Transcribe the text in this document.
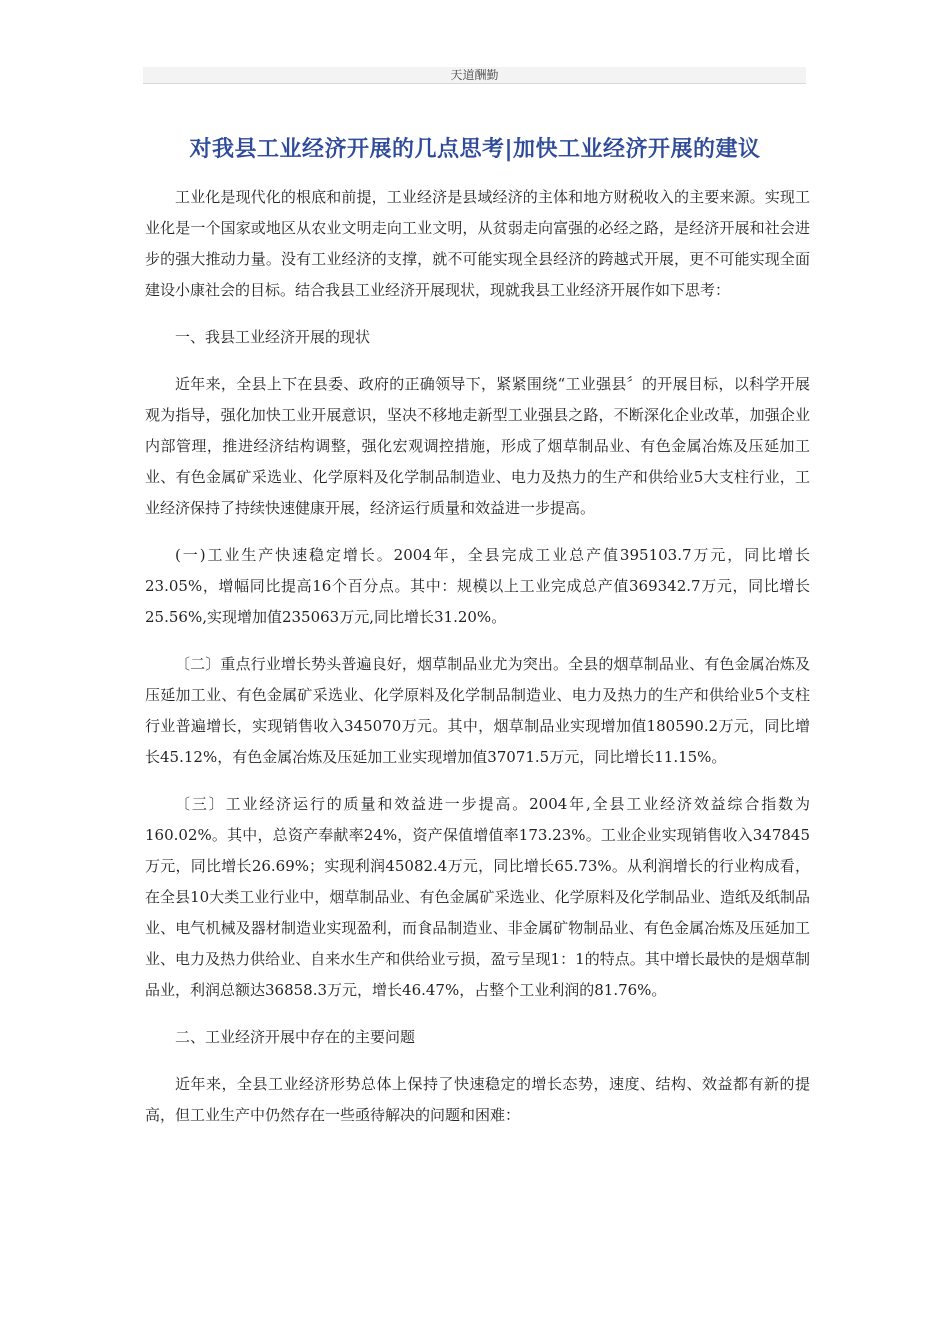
天道酬勤
对我县工业经济开展的几点思考|加快工业经济开展的建议

工业化是现代化的根底和前提，工业经济是县域经济的主体和地方财税收入的主要来源。实现工业化是一个国家或地区从农业文明走向工业文明，从贫弱走向富强的必经之路，是经济开展和社会进步的强大推动力量。没有工业经济的支撑，就不可能实现全县经济的跨越式开展，更不可能实现全面建设小康社会的目标。结合我县工业经济开展现状，现就我县工业经济开展作如下思考：

一、我县工业经济开展的现状

近年来，全县上下在县委、政府的正确领导下，紧紧围绕“工业强县〞的开展目标，以科学开展观为指导，强化加快工业开展意识，坚决不移地走新型工业强县之路，不断深化企业改革，加强企业内部管理，推进经济结构调整，强化宏观调控措施，形成了烟草制品业、有色金属冶炼及压延加工业、有色金属矿采选业、化学原料及化学制品制造业、电力及热力的生产和供给业5大支柱行业，工业经济保持了持续快速健康开展，经济运行质量和效益进一步提高。

(一)工业生产快速稳定增长。2004年，全县完成工业总产值395103.7万元，同比增长23.05%，增幅同比提高16个百分点。其中：规模以上工业完成总产值369342.7万元，同比增长25.56%,实现增加值235063万元,同比增长31.20%。

〔二〕重点行业增长势头普遍良好，烟草制品业尤为突出。全县的烟草制品业、有色金属冶炼及压延加工业、有色金属矿采选业、化学原料及化学制品制造业、电力及热力的生产和供给业5个支柱行业普遍增长，实现销售收入345070万元。其中，烟草制品业实现增加值180590.2万元，同比增长45.12%，有色金属冶炼及压延加工业实现增加值37071.5万元，同比增长11.15%。

〔三〕工业经济运行的质量和效益进一步提高。2004年,全县工业经济效益综合指数为160.02%。其中，总资产奉献率24%，资产保值增值率173.23%。工业企业实现销售收入347845万元，同比增长26.69%；实现利润45082.4万元，同比增长65.73%。从利润增长的行业构成看，在全县10大类工业行业中，烟草制品业、有色金属矿采选业、化学原料及化学制品业、造纸及纸制品业、电气机械及器材制造业实现盈利，而食品制造业、非金属矿物制品业、有色金属冶炼及压延加工业、电力及热力供给业、自来水生产和供给业亏损，盈亏呈现1：1的特点。其中增长最快的是烟草制品业，利润总额达36858.3万元，增长46.47%，占整个工业利润的81.76%。

二、工业经济开展中存在的主要问题

近年来，全县工业经济形势总体上保持了快速稳定的增长态势，速度、结构、效益都有新的提高，但工业生产中仍然存在一些亟待解决的问题和困难：
